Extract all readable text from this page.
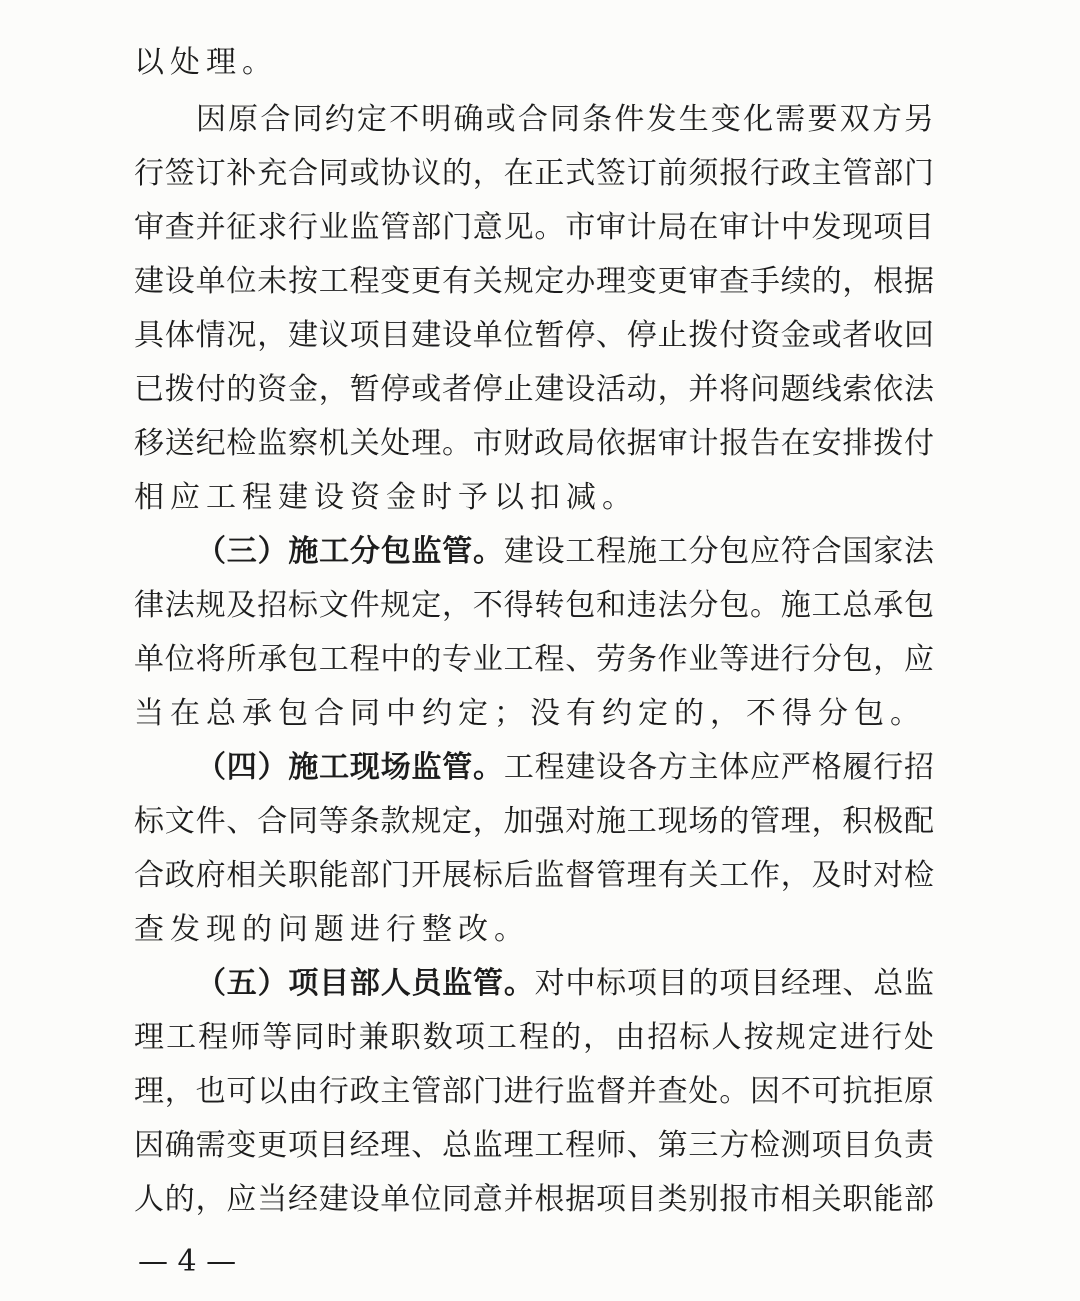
以处理。
因原合同约定不明确或合同条件发生变化需要双方另
行签订补充合同或协议的，在正式签订前须报行政主管部门
审查并征求行业监管部门意见。市审计局在审计中发现项目
建设单位未按工程变更有关规定办理变更审查手续的，根据
具体情况，建议项目建设单位暂停、停止拨付资金或者收回
已拨付的资金，暂停或者停止建设活动，并将问题线索依法
移送纪检监察机关处理。市财政局依据审计报告在安排拨付
相应工程建设资金时予以扣减。
（三）施工分包监管。建设工程施工分包应符合国家法
律法规及招标文件规定，不得转包和违法分包。施工总承包
单位将所承包工程中的专业工程、劳务作业等进行分包，应
当在总承包合同中约定；没有约定的，不得分包。
（四）施工现场监管。工程建设各方主体应严格履行招
标文件、合同等条款规定，加强对施工现场的管理，积极配
合政府相关职能部门开展标后监督管理有关工作，及时对检
查发现的问题进行整改。
（五）项目部人员监管。对中标项目的项目经理、总监
理工程师等同时兼职数项工程的，由招标人按规定进行处
理，也可以由行政主管部门进行监督并查处。因不可抗拒原
因确需变更项目经理、总监理工程师、第三方检测项目负责
人的，应当经建设单位同意并根据项目类别报市相关职能部
— 4 —
